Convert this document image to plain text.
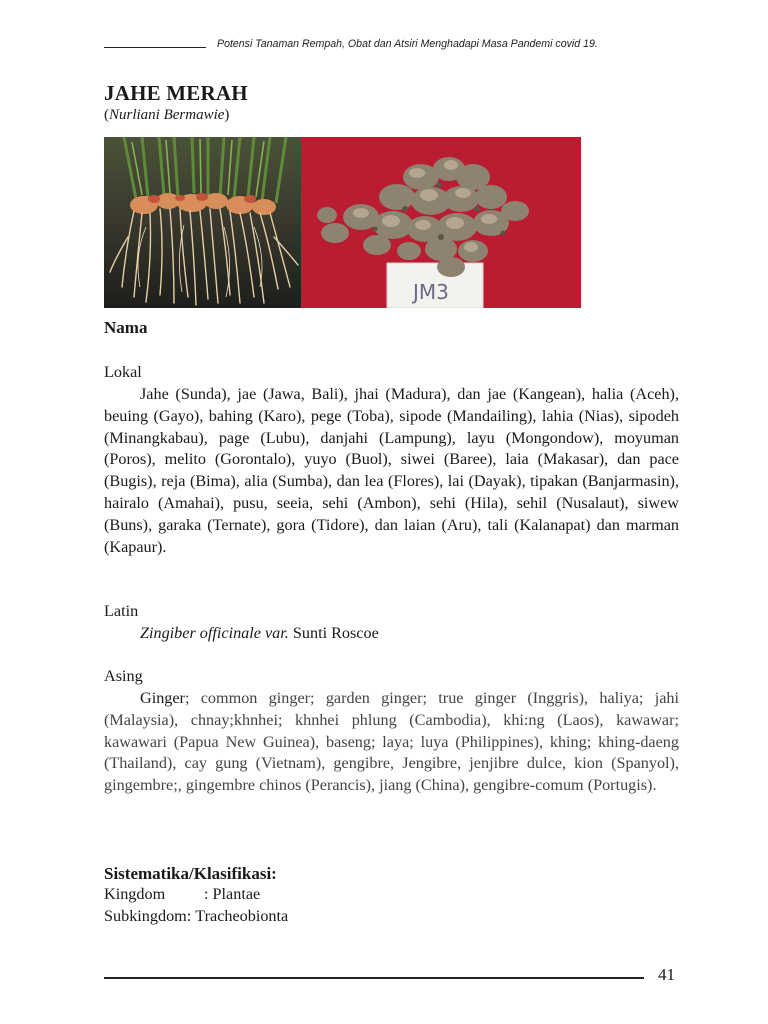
Potensi Tanaman Rempah, Obat dan Atsiri Menghadapi Masa Pandemi covid 19.
JAHE MERAH
(Nurliani Bermawie)
JM3
Nama
Lokal

Jahe (Sunda), jae (Jawa, Bali), jhai (Madura), dan jae (Kangean), halia (Aceh), beuing (Gayo), bahing (Karo), pege (Toba), sipode (Mandailing), lahia (Nias), sipodeh (Minangkabau), page (Lubu), danjahi (Lampung), layu (Mongondow), moyuman (Poros), melito (Gorontalo), yuyo (Buol), siwei (Baree), laia (Makasar), dan pace (Bugis), reja (Bima), alia (Sumba), dan lea (Flores), lai (Dayak), tipakan (Banjarmasin), hairalo (Amahai), pusu, seeia, sehi (Ambon), sehi (Hila), sehil (Nusalaut), siwew (Buns), garaka (Ternate), gora (Tidore), dan laian (Aru), tali (Kalanapat) dan marman (Kapaur).

Latin
Zingiber officinale var. Sunti Roscoe
Asing

Ginger; common ginger; garden ginger; true ginger (Inggris), haliya; jahi (Malaysia), chnay;khnhei; khnhei phlung (Cambodia), khi:ng (Laos), kawawar; kawawari (Papua New Guinea), baseng; laya; luya (Philippines), khing; khing-daeng (Thailand), cay gung (Vietnam), gengibre, Jengibre, jenjibre dulce, kion (Spanyol), gingembre;, gingembre chinos (Perancis), jiang (China), gengibre-comum (Portugis).

Sistematika/Klasifikasi:
Kingdom	: Plantae
Subkingdom:
Tracheobionta
41
